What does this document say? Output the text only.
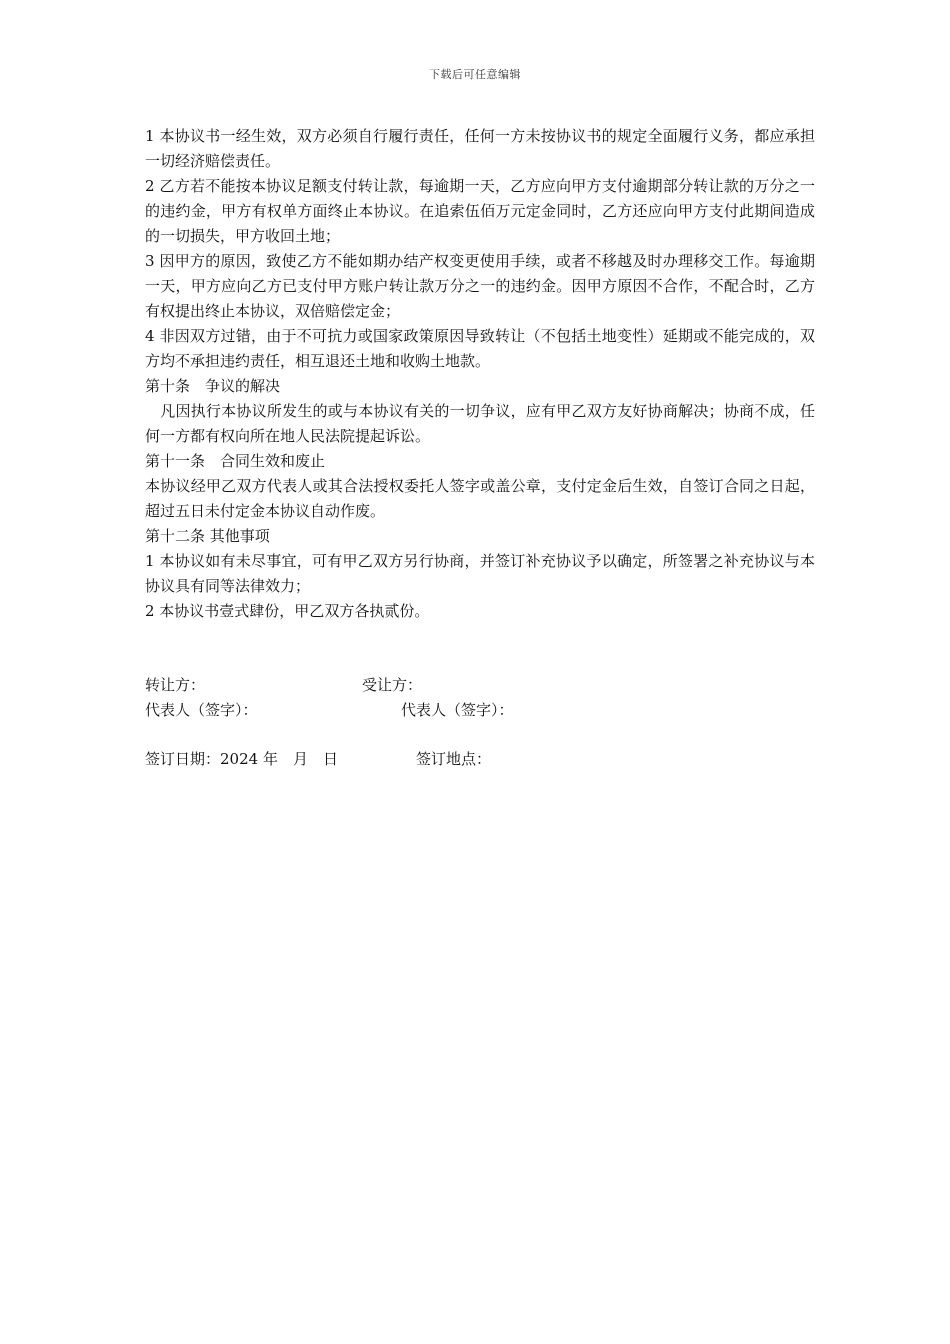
下载后可任意编辑

1 本协议书一经生效，双方必须自行履行责任，任何一方未按协议书的规定全面履行义务，都应承担一切经济赔偿责任。

2 乙方若不能按本协议足额支付转让款，每逾期一天，乙方应向甲方支付逾期部分转让款的万分之一的违约金，甲方有权单方面终止本协议。在追索伍佰万元定金同时，乙方还应向甲方支付此期间造成的一切损失，甲方收回土地；

3 因甲方的原因，致使乙方不能如期办结产权变更使用手续，或者不移越及时办理移交工作。每逾期一天，甲方应向乙方已支付甲方账户转让款万分之一的违约金。因甲方原因不合作，不配合时，乙方有权提出终止本协议，双倍赔偿定金；

4 非因双方过错，由于不可抗力或国家政策原因导致转让（不包括土地变性）延期或不能完成的，双方均不承担违约责任，相互退还土地和收购土地款。

第十条　争议的解决

　凡因执行本协议所发生的或与本协议有关的一切争议，应有甲乙双方友好协商解决；协商不成，任何一方都有权向所在地人民法院提起诉讼。

第十一条　合同生效和废止

本协议经甲乙双方代表人或其合法授权委托人签字或盖公章，支付定金后生效，自签订合同之日起，超过五日未付定金本协议自动作废。

第十二条 其他事项

1 本协议如有未尽事宜，可有甲乙双方另行协商，并签订补充协议予以确定，所签署之补充协议与本协议具有同等法律效力；

2 本协议书壹式肆份，甲乙双方各执贰份。

转让方：	受让方：
代表人（签字）：	代表人（签字）：
签订日期：2024 年　月　日	签订地点：
